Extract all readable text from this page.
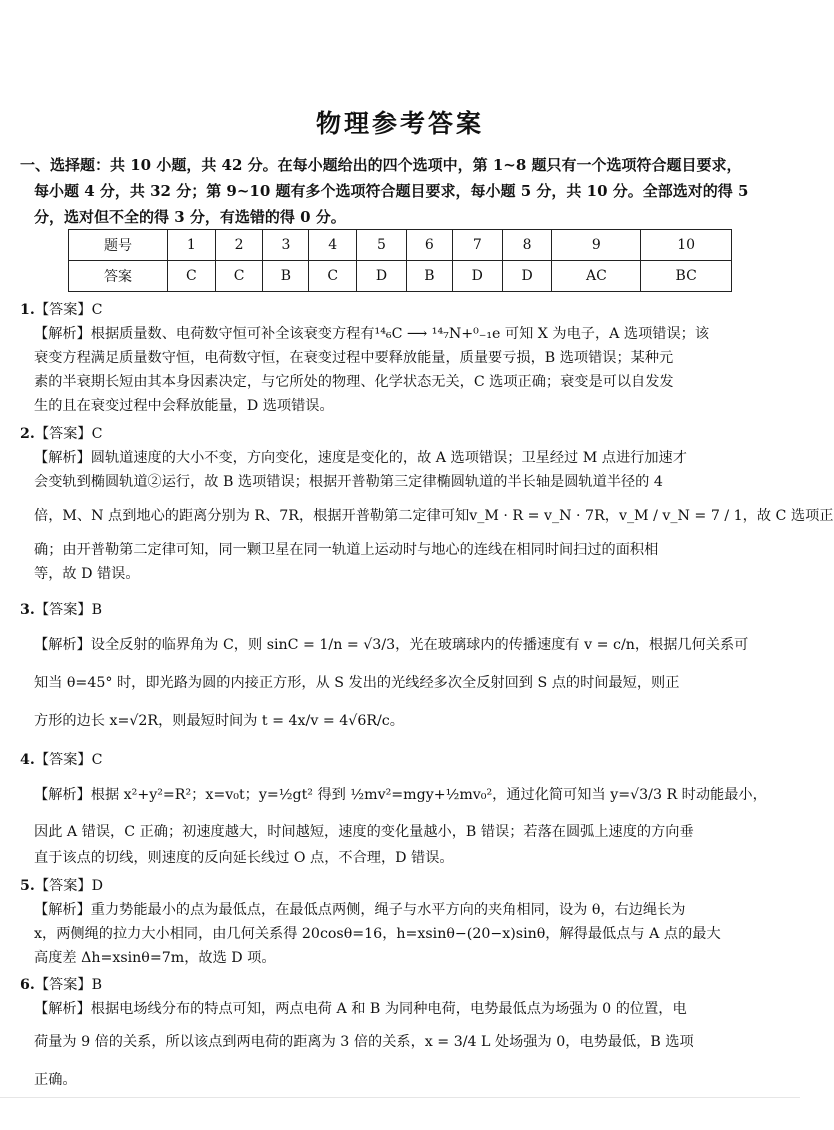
物理参考答案
一、选择题：共 10 小题，共 42 分。在每小题给出的四个选项中，第 1~8 题只有一个选项符合题目要求，
每小题 4 分，共 32 分；第 9~10 题有多个选项符合题目要求，每小题 5 分，共 10 分。全部选对的得 5
分，选对但不全的得 3 分，有选错的得 0 分。
题号	1	2	3	4	5	6	7	8	9	10
答案	C	C	B	C	D	B	D	D	AC	BC
1.【答案】C
【解析】根据质量数、电荷数守恒可补全该衰变方程有¹⁴₆C ⟶ ¹⁴₇N+⁰₋₁e 可知 X 为电子，A 选项错误；该
衰变方程满足质量数守恒，电荷数守恒，在衰变过程中要释放能量，质量要亏损，B 选项错误；某种元
素的半衰期长短由其本身因素决定，与它所处的物理、化学状态无关，C 选项正确；衰变是可以自发发
生的且在衰变过程中会释放能量，D 选项错误。
2.【答案】C
【解析】圆轨道速度的大小不变，方向变化，速度是变化的，故 A 选项错误；卫星经过 M 点进行加速才
会变轨到椭圆轨道②运行，故 B 选项错误；根据开普勒第三定律椭圆轨道的半长轴是圆轨道半径的 4
倍，M、N 点到地心的距离分别为 R、7R，根据开普勒第二定律可知v_M · R = v_N · 7R，v_M / v_N = 7 / 1，故 C 选项正
确；由开普勒第二定律可知，同一颗卫星在同一轨道上运动时与地心的连线在相同时间扫过的面积相
等，故 D 错误。
3.【答案】B
【解析】设全反射的临界角为 C，则 sinC = 1/n = √3/3，光在玻璃球内的传播速度有 v = c/n，根据几何关系可
知当 θ=45° 时，即光路为圆的内接正方形，从 S 发出的光线经多次全反射回到 S 点的时间最短，则正
方形的边长 x=√2R，则最短时间为 t = 4x/v = 4√6R/c。
4.【答案】C
【解析】根据 x²+y²=R²；x=v₀t；y=½gt² 得到 ½mv²=mgy+½mv₀²，通过化简可知当 y=√3/3 R 时动能最小，
因此 A 错误，C 正确；初速度越大，时间越短，速度的变化量越小，B 错误；若落在圆弧上速度的方向垂
直于该点的切线，则速度的反向延长线过 O 点，不合理，D 错误。
5.【答案】D
【解析】重力势能最小的点为最低点，在最低点两侧，绳子与水平方向的夹角相同，设为 θ，右边绳长为
x，两侧绳的拉力大小相同，由几何关系得 20cosθ=16，h=xsinθ−(20−x)sinθ，解得最低点与 A 点的最大
高度差 Δh=xsinθ=7m，故选 D 项。
6.【答案】B
【解析】根据电场线分布的特点可知，两点电荷 A 和 B 为同种电荷，电势最低点为场强为 0 的位置，电
荷量为 9 倍的关系，所以该点到两电荷的距离为 3 倍的关系，x = 3/4 L 处场强为 0，电势最低，B 选项
正确。
